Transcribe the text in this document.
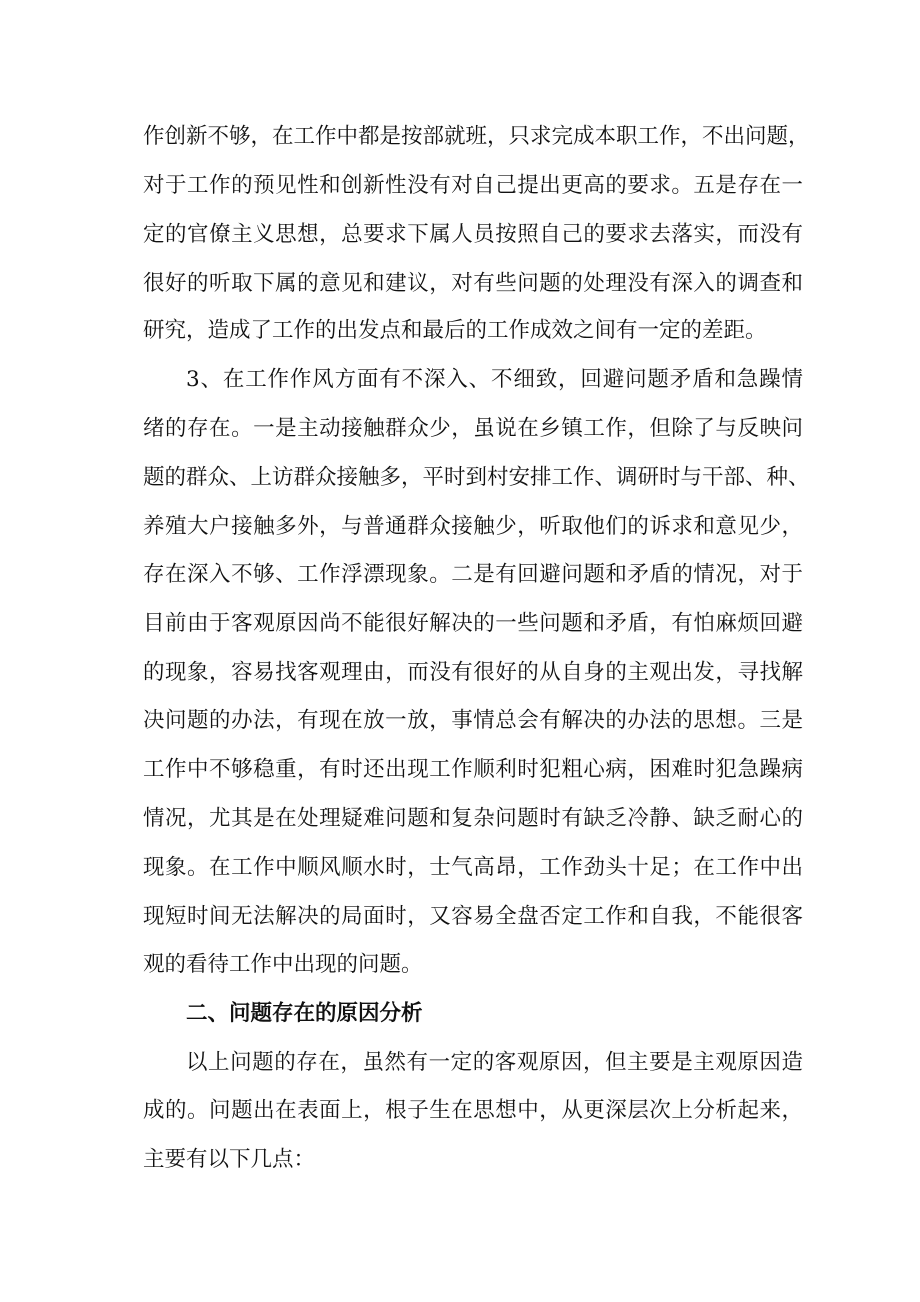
作创新不够，在工作中都是按部就班，只求完成本职工作，不出问题，
对于工作的预见性和创新性没有对自己提出更高的要求。五是存在一
定的官僚主义思想，总要求下属人员按照自己的要求去落实，而没有
很好的听取下属的意见和建议，对有些问题的处理没有深入的调查和
研究，造成了工作的出发点和最后的工作成效之间有一定的差距。
3、在工作作风方面有不深入、不细致，回避问题矛盾和急躁情
绪的存在。一是主动接触群众少，虽说在乡镇工作，但除了与反映问
题的群众、上访群众接触多，平时到村安排工作、调研时与干部、种、
养殖大户接触多外，与普通群众接触少，听取他们的诉求和意见少，
存在深入不够、工作浮漂现象。二是有回避问题和矛盾的情况，对于
目前由于客观原因尚不能很好解决的一些问题和矛盾，有怕麻烦回避
的现象，容易找客观理由，而没有很好的从自身的主观出发，寻找解
决问题的办法，有现在放一放，事情总会有解决的办法的思想。三是
工作中不够稳重，有时还出现工作顺利时犯粗心病，困难时犯急躁病
情况，尤其是在处理疑难问题和复杂问题时有缺乏冷静、缺乏耐心的
现象。在工作中顺风顺水时，士气高昂，工作劲头十足；在工作中出
现短时间无法解决的局面时，又容易全盘否定工作和自我，不能很客
观的看待工作中出现的问题。
二、问题存在的原因分析
以上问题的存在，虽然有一定的客观原因，但主要是主观原因造
成的。问题出在表面上，根子生在思想中，从更深层次上分析起来，
主要有以下几点：
